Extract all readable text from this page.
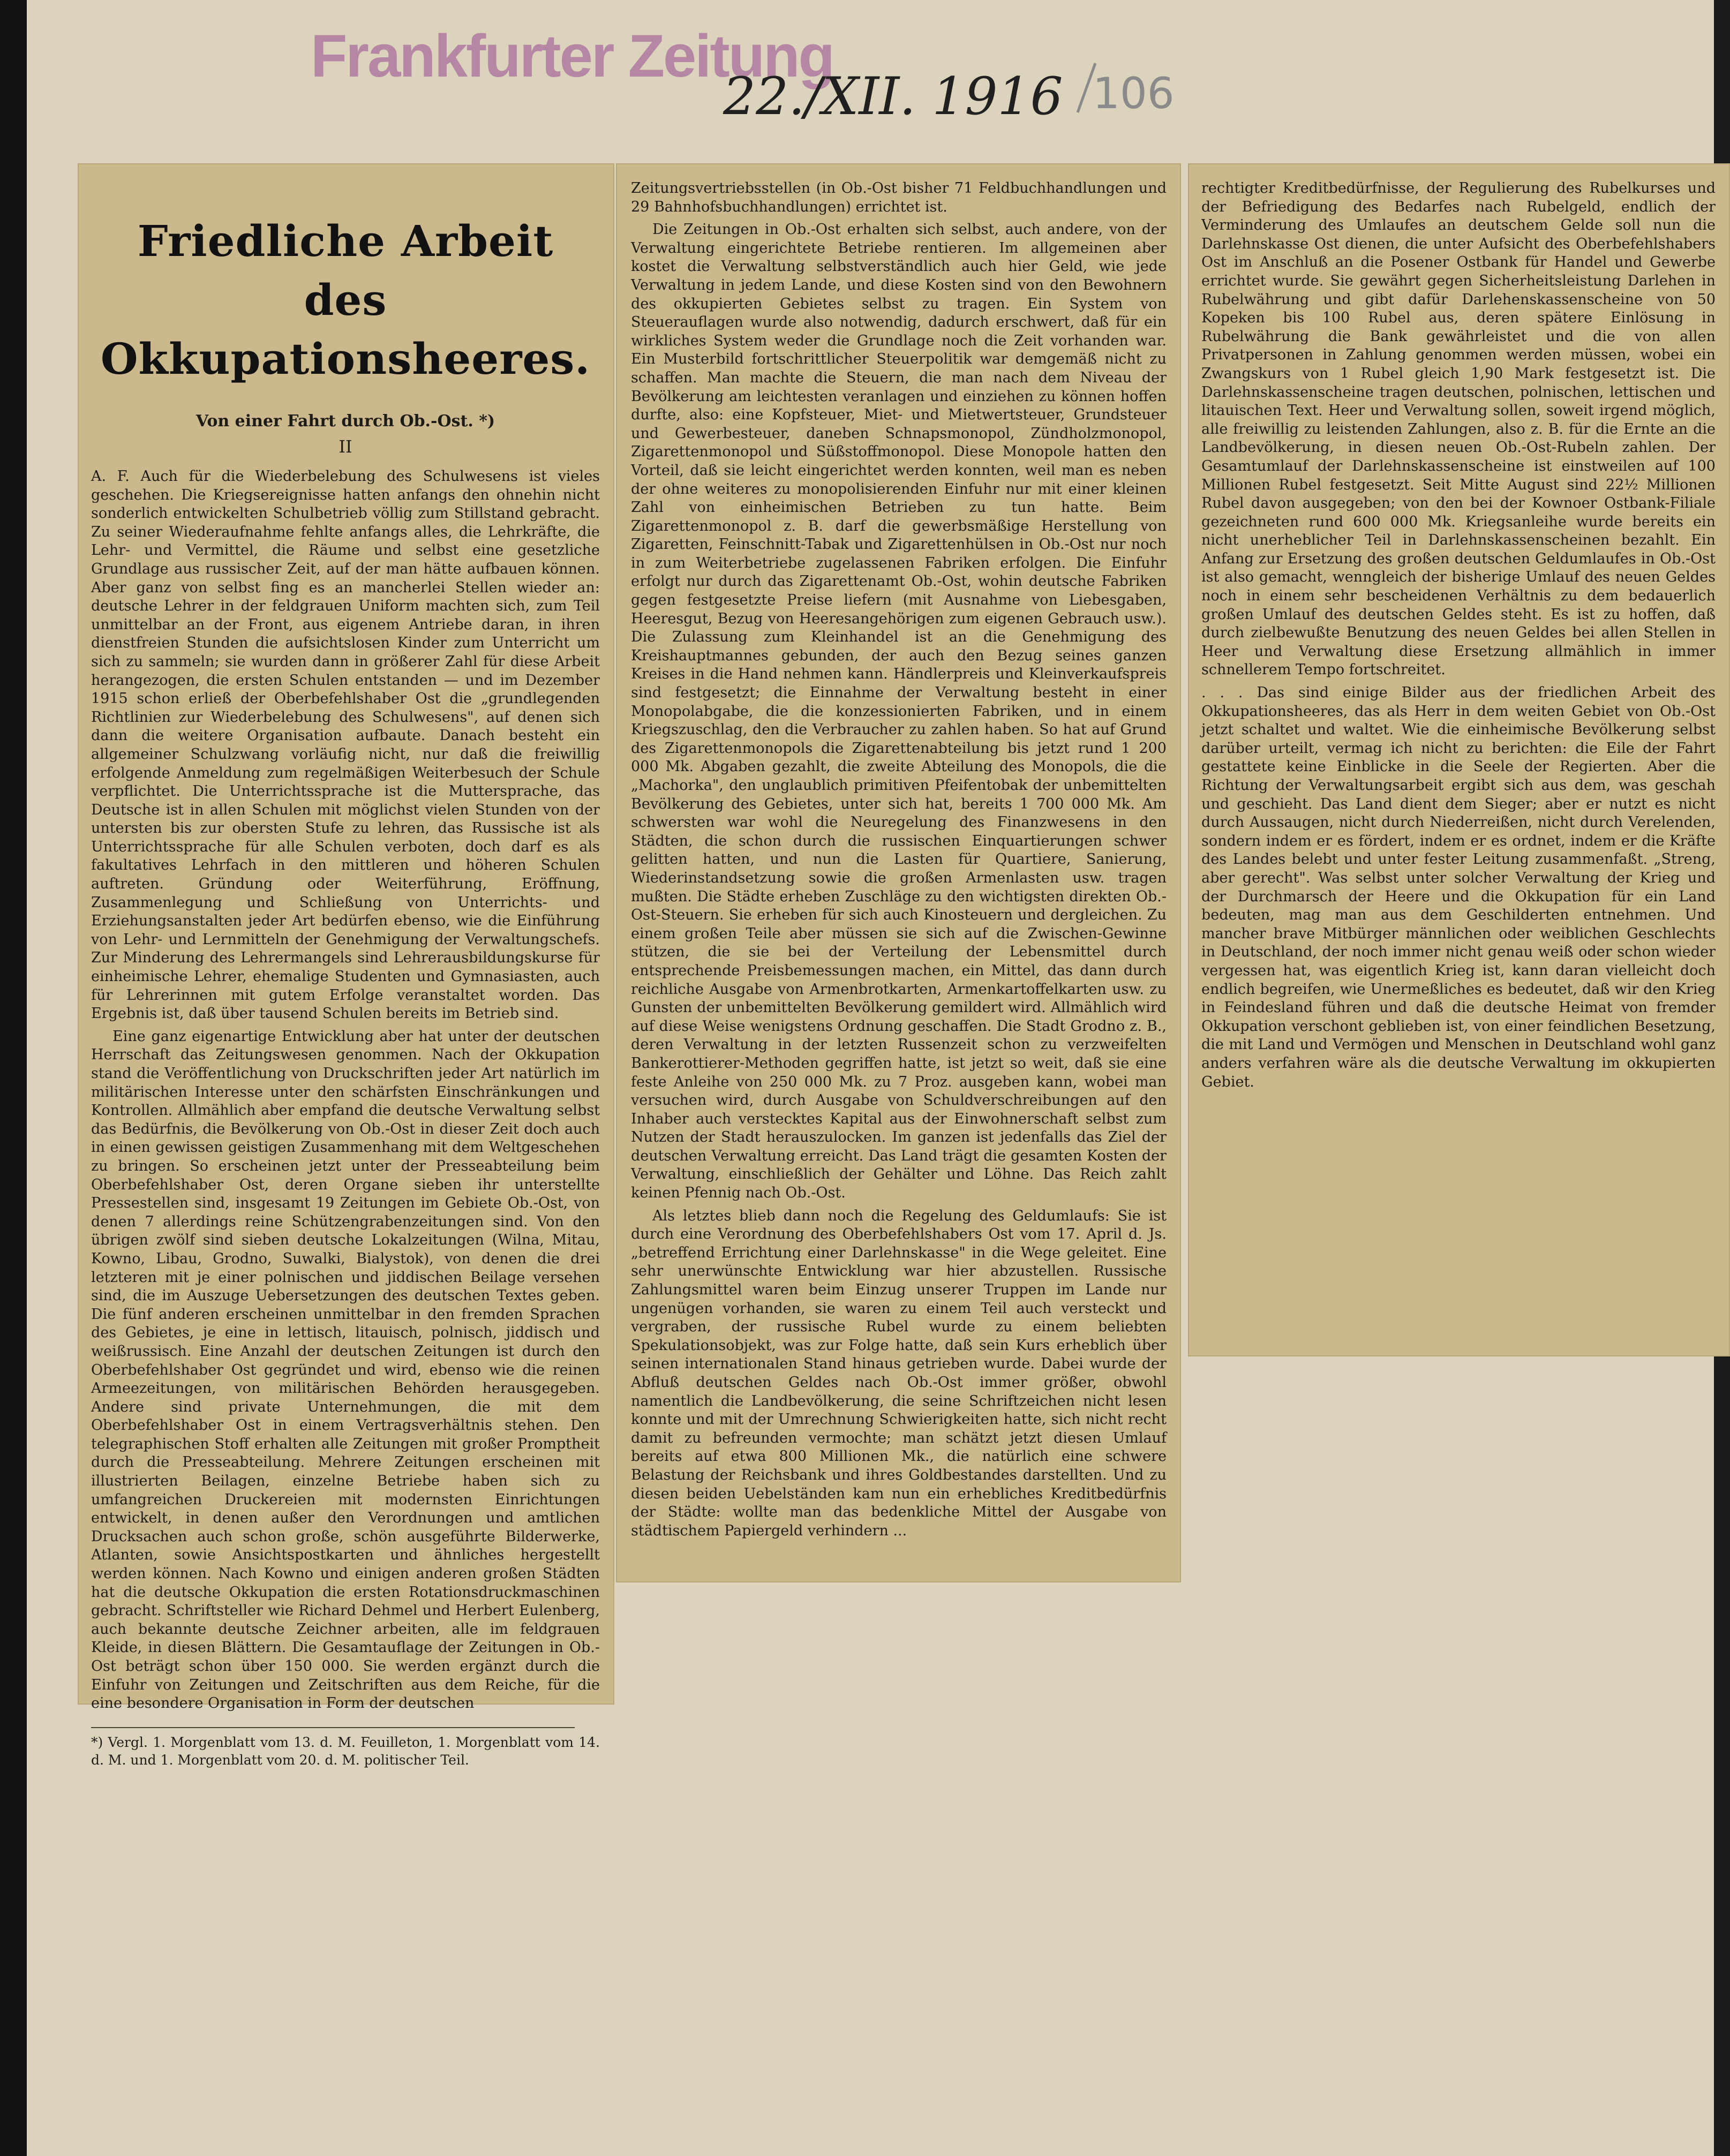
Frankfurter Zeitung
22./XII. 1916 106
Friedliche Arbeit
des Okkupationsheeres.
Von einer Fahrt durch Ob.-Ost. *)
II

A. F. Auch für die Wiederbelebung des Schulwesens ist vieles geschehen. Die Kriegsereignisse hatten anfangs den ohnehin nicht sonderlich entwickelten Schulbetrieb völlig zum Stillstand gebracht. Zu seiner Wiederaufnahme fehlte anfangs alles, die Lehrkräfte, die Lehr- und Vermittel, die Räume und selbst eine gesetzliche Grundlage aus russischer Zeit, auf der man hätte aufbauen können. Aber ganz von selbst fing es an mancherlei Stellen wieder an: deutsche Lehrer in der feldgrauen Uniform machten sich, zum Teil unmittelbar an der Front, aus eigenem Antriebe daran, in ihren dienstfreien Stunden die aufsichtslosen Kinder zum Unterricht um sich zu sammeln; sie wurden dann in größerer Zahl für diese Arbeit herangezogen, die ersten Schulen entstanden — und im Dezember 1915 schon erließ der Oberbefehlshaber Ost die „grundlegenden Richtlinien zur Wiederbelebung des Schulwesens", auf denen sich dann die weitere Organisation aufbaute. Danach besteht ein allgemeiner Schulzwang vorläufig nicht, nur daß die freiwillig erfolgende Anmeldung zum regelmäßigen Weiterbesuch der Schule verpflichtet. Die Unterrichtssprache ist die Muttersprache, das Deutsche ist in allen Schulen mit möglichst vielen Stunden von der untersten bis zur obersten Stufe zu lehren, das Russische ist als Unterrichtssprache für alle Schulen verboten, doch darf es als fakultatives Lehrfach in den mittleren und höheren Schulen auftreten. Gründung oder Weiterführung, Eröffnung, Zusammenlegung und Schließung von Unterrichts- und Erziehungsanstalten jeder Art bedürfen ebenso, wie die Einführung von Lehr- und Lernmitteln der Genehmigung der Verwaltungschefs. Zur Minderung des Lehrermangels sind Lehrerausbildungskurse für einheimische Lehrer, ehemalige Studenten und Gymnasiasten, auch für Lehrerinnen mit gutem Erfolge veranstaltet worden. Das Ergebnis ist, daß über tausend Schulen bereits im Betrieb sind.

Eine ganz eigenartige Entwicklung aber hat unter der deutschen Herrschaft das Zeitungswesen genommen. Nach der Okkupation stand die Veröffentlichung von Druckschriften jeder Art natürlich im militärischen Interesse unter den schärfsten Einschränkungen und Kontrollen. Allmählich aber empfand die deutsche Verwaltung selbst das Bedürfnis, die Bevölkerung von Ob.-Ost in dieser Zeit doch auch in einen gewissen geistigen Zusammenhang mit dem Weltgeschehen zu bringen. So erscheinen jetzt unter der Presseabteilung beim Oberbefehlshaber Ost, deren Organe sieben ihr unterstellte Pressestellen sind, insgesamt 19 Zeitungen im Gebiete Ob.-Ost, von denen 7 allerdings reine Schützengrabenzeitungen sind. Von den übrigen zwölf sind sieben deutsche Lokalzeitungen (Wilna, Mitau, Kowno, Libau, Grodno, Suwalki, Bialystok), von denen die drei letzteren mit je einer polnischen und jiddischen Beilage versehen sind, die im Auszuge Uebersetzungen des deutschen Textes geben. Die fünf anderen erscheinen unmittelbar in den fremden Sprachen des Gebietes, je eine in lettisch, litauisch, polnisch, jiddisch und weißrussisch. Eine Anzahl der deutschen Zeitungen ist durch den Oberbefehlshaber Ost gegründet und wird, ebenso wie die reinen Armeezeitungen, von militärischen Behörden herausgegeben. Andere sind private Unternehmungen, die mit dem Oberbefehlshaber Ost in einem Vertragsverhältnis stehen. Den telegraphischen Stoff erhalten alle Zeitungen mit großer Promptheit durch die Presseabteilung. Mehrere Zeitungen erscheinen mit illustrierten Beilagen, einzelne Betriebe haben sich zu umfangreichen Druckereien mit modernsten Einrichtungen entwickelt, in denen außer den Verordnungen und amtlichen Drucksachen auch schon große, schön ausgeführte Bilderwerke, Atlanten, sowie Ansichtspostkarten und ähnliches hergestellt werden können. Nach Kowno und einigen anderen großen Städten hat die deutsche Okkupation die ersten Rotationsdruckmaschinen gebracht. Schriftsteller wie Richard Dehmel und Herbert Eulenberg, auch bekannte deutsche Zeichner arbeiten, alle im feldgrauen Kleide, in diesen Blättern. Die Gesamtauflage der Zeitungen in Ob.-Ost beträgt schon über 150 000. Sie werden ergänzt durch die Einfuhr von Zeitungen und Zeitschriften aus dem Reiche, für die eine besondere Organisation in Form der deutschen

*) Vergl. 1. Morgenblatt vom 13. d. M. Feuilleton, 1. Morgenblatt vom 14. d. M. und 1. Morgenblatt vom 20. d. M. politischer Teil.

Zeitungsvertriebsstellen (in Ob.-Ost bisher 71 Feldbuchhandlungen und 29 Bahnhofsbuchhandlungen) errichtet ist.

Die Zeitungen in Ob.-Ost erhalten sich selbst, auch andere, von der Verwaltung eingerichtete Betriebe rentieren. Im allgemeinen aber kostet die Verwaltung selbstverständlich auch hier Geld, wie jede Verwaltung in jedem Lande, und diese Kosten sind von den Bewohnern des okkupierten Gebietes selbst zu tragen. Ein System von Steuerauflagen wurde also notwendig, dadurch erschwert, daß für ein wirkliches System weder die Grundlage noch die Zeit vorhanden war. Ein Musterbild fortschrittlicher Steuerpolitik war demgemäß nicht zu schaffen. Man machte die Steuern, die man nach dem Niveau der Bevölkerung am leichtesten veranlagen und einziehen zu können hoffen durfte, also: eine Kopfsteuer, Miet- und Mietwertsteuer, Grundsteuer und Gewerbesteuer, daneben Schnapsmonopol, Zündholzmonopol, Zigarettenmonopol und Süßstoffmonopol. Diese Monopole hatten den Vorteil, daß sie leicht eingerichtet werden konnten, weil man es neben der ohne weiteres zu monopolisierenden Einfuhr nur mit einer kleinen Zahl von einheimischen Betrieben zu tun hatte. Beim Zigarettenmonopol z. B. darf die gewerbsmäßige Herstellung von Zigaretten, Feinschnitt-Tabak und Zigarettenhülsen in Ob.-Ost nur noch in zum Weiterbetriebe zugelassenen Fabriken erfolgen. Die Einfuhr erfolgt nur durch das Zigarettenamt Ob.-Ost, wohin deutsche Fabriken gegen festgesetzte Preise liefern (mit Ausnahme von Liebesgaben, Heeresgut, Bezug von Heeresangehörigen zum eigenen Gebrauch usw.). Die Zulassung zum Kleinhandel ist an die Genehmigung des Kreishauptmannes gebunden, der auch den Bezug seines ganzen Kreises in die Hand nehmen kann. Händlerpreis und Kleinverkaufspreis sind festgesetzt; die Einnahme der Verwaltung besteht in einer Monopolabgabe, die die konzessionierten Fabriken, und in einem Kriegszuschlag, den die Verbraucher zu zahlen haben. So hat auf Grund des Zigarettenmonopols die Zigarettenabteilung bis jetzt rund 1 200 000 Mk. Abgaben gezahlt, die zweite Abteilung des Monopols, die die „Machorka", den unglaublich primitiven Pfeifentobak der unbemittelten Bevölkerung des Gebietes, unter sich hat, bereits 1 700 000 Mk. Am schwersten war wohl die Neuregelung des Finanzwesens in den Städten, die schon durch die russischen Einquartierungen schwer gelitten hatten, und nun die Lasten für Quartiere, Sanierung, Wiederinstandsetzung sowie die großen Armenlasten usw. tragen mußten. Die Städte erheben Zuschläge zu den wichtigsten direkten Ob.-Ost-Steuern. Sie erheben für sich auch Kinosteuern und dergleichen. Zu einem großen Teile aber müssen sie sich auf die Zwischen-Gewinne stützen, die sie bei der Verteilung der Lebensmittel durch entsprechende Preisbemessungen machen, ein Mittel, das dann durch reichliche Ausgabe von Armenbrotkarten, Armenkartoffelkarten usw. zu Gunsten der unbemittelten Bevölkerung gemildert wird. Allmählich wird auf diese Weise wenigstens Ordnung geschaffen. Die Stadt Grodno z. B., deren Verwaltung in der letzten Russenzeit schon zu verzweifelten Bankerottierer-Methoden gegriffen hatte, ist jetzt so weit, daß sie eine feste Anleihe von 250 000 Mk. zu 7 Proz. ausgeben kann, wobei man versuchen wird, durch Ausgabe von Schuldverschreibungen auf den Inhaber auch verstecktes Kapital aus der Einwohnerschaft selbst zum Nutzen der Stadt herauszulocken. Im ganzen ist jedenfalls das Ziel der deutschen Verwaltung erreicht. Das Land trägt die gesamten Kosten der Verwaltung, einschließlich der Gehälter und Löhne. Das Reich zahlt keinen Pfennig nach Ob.-Ost.

Als letztes blieb dann noch die Regelung des Geldumlaufs: Sie ist durch eine Verordnung des Oberbefehlshabers Ost vom 17. April d. Js. „betreffend Errichtung einer Darlehnskasse" in die Wege geleitet. Eine sehr unerwünschte Entwicklung war hier abzustellen. Russische Zahlungsmittel waren beim Einzug unserer Truppen im Lande nur ungenügen vorhanden, sie waren zu einem Teil auch versteckt und vergraben, der russische Rubel wurde zu einem beliebten Spekulationsobjekt, was zur Folge hatte, daß sein Kurs erheblich über seinen internationalen Stand hinaus getrieben wurde. Dabei wurde der Abfluß deutschen Geldes nach Ob.-Ost immer größer, obwohl namentlich die Landbevölkerung, die seine Schriftzeichen nicht lesen konnte und mit der Umrechnung Schwierigkeiten hatte, sich nicht recht damit zu befreunden vermochte; man schätzt jetzt diesen Umlauf bereits auf etwa 800 Millionen Mk., die natürlich eine schwere Belastung der Reichsbank und ihres Goldbestandes darstellten. Und zu diesen beiden Uebelständen kam nun ein erhebliches Kreditbedürfnis der Städte: wollte man das bedenkliche Mittel der Ausgabe von städtischem Papiergeld verhindern ...

rechtigter Kreditbedürfnisse, der Regulierung des Rubelkurses und der Befriedigung des Bedarfes nach Rubelgeld, endlich der Verminderung des Umlaufes an deutschem Gelde soll nun die Darlehnskasse Ost dienen, die unter Aufsicht des Oberbefehlshabers Ost im Anschluß an die Posener Ostbank für Handel und Gewerbe errichtet wurde. Sie gewährt gegen Sicherheitsleistung Darlehen in Rubelwährung und gibt dafür Darlehenskassenscheine von 50 Kopeken bis 100 Rubel aus, deren spätere Einlösung in Rubelwährung die Bank gewährleistet und die von allen Privatpersonen in Zahlung genommen werden müssen, wobei ein Zwangskurs von 1 Rubel gleich 1,90 Mark festgesetzt ist. Die Darlehnskassenscheine tragen deutschen, polnischen, lettischen und litauischen Text. Heer und Verwaltung sollen, soweit irgend möglich, alle freiwillig zu leistenden Zahlungen, also z. B. für die Ernte an die Landbevölkerung, in diesen neuen Ob.-Ost-Rubeln zahlen. Der Gesamtumlauf der Darlehnskassenscheine ist einstweilen auf 100 Millionen Rubel festgesetzt. Seit Mitte August sind 22½ Millionen Rubel davon ausgegeben; von den bei der Kownoer Ostbank-Filiale gezeichneten rund 600 000 Mk. Kriegsanleihe wurde bereits ein nicht unerheblicher Teil in Darlehnskassenscheinen bezahlt. Ein Anfang zur Ersetzung des großen deutschen Geldumlaufes in Ob.-Ost ist also gemacht, wenngleich der bisherige Umlauf des neuen Geldes noch in einem sehr bescheidenen Verhältnis zu dem bedauerlich großen Umlauf des deutschen Geldes steht. Es ist zu hoffen, daß durch zielbewußte Benutzung des neuen Geldes bei allen Stellen in Heer und Verwaltung diese Ersetzung allmählich in immer schnellerem Tempo fortschreitet.

. . . Das sind einige Bilder aus der friedlichen Arbeit des Okkupationsheeres, das als Herr in dem weiten Gebiet von Ob.-Ost jetzt schaltet und waltet. Wie die einheimische Bevölkerung selbst darüber urteilt, vermag ich nicht zu berichten: die Eile der Fahrt gestattete keine Einblicke in die Seele der Regierten. Aber die Richtung der Verwaltungsarbeit ergibt sich aus dem, was geschah und geschieht. Das Land dient dem Sieger; aber er nutzt es nicht durch Aussaugen, nicht durch Niederreißen, nicht durch Verelenden, sondern indem er es fördert, indem er es ordnet, indem er die Kräfte des Landes belebt und unter fester Leitung zusammenfaßt. „Streng, aber gerecht". Was selbst unter solcher Verwaltung der Krieg und der Durchmarsch der Heere und die Okkupation für ein Land bedeuten, mag man aus dem Geschilderten entnehmen. Und mancher brave Mitbürger männlichen oder weiblichen Geschlechts in Deutschland, der noch immer nicht genau weiß oder schon wieder vergessen hat, was eigentlich Krieg ist, kann daran vielleicht doch endlich begreifen, wie Unermeßliches es bedeutet, daß wir den Krieg in Feindesland führen und daß die deutsche Heimat von fremder Okkupation verschont geblieben ist, von einer feindlichen Besetzung, die mit Land und Vermögen und Menschen in Deutschland wohl ganz anders verfahren wäre als die deutsche Verwaltung im okkupierten Gebiet.
